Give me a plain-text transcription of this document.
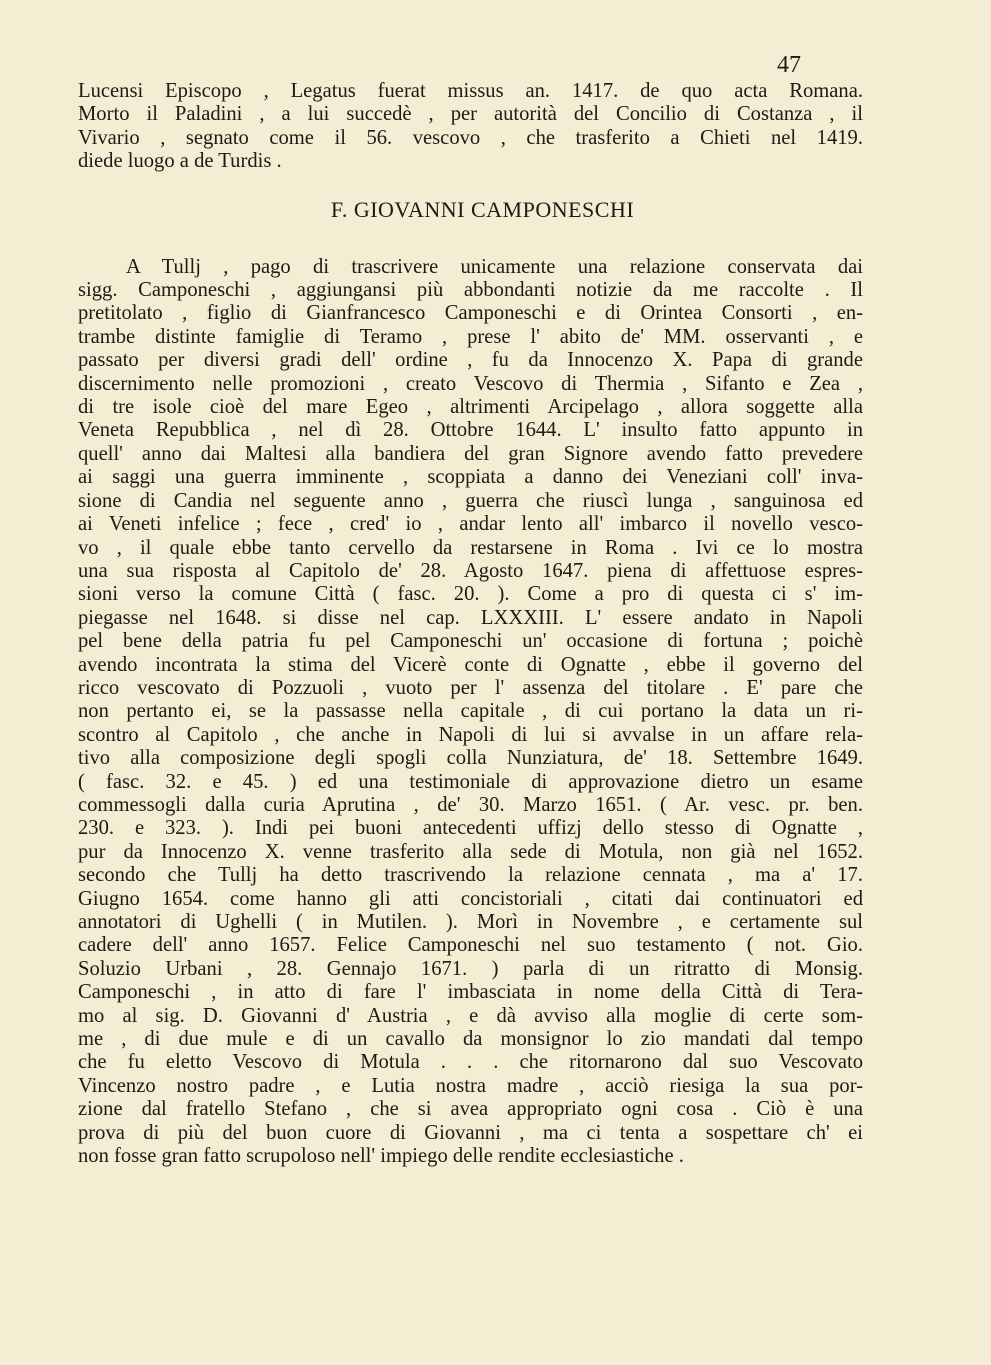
47
Lucensi Episcopo , Legatus fuerat missus an. 1417. de quo acta Romana.
Morto il Paladini , a lui succedè , per autorità del Concilio di Costanza , il
Vivario , segnato come il 56. vescovo , che trasferito a Chieti nel 1419.
diede luogo a de Turdis .
F. GIOVANNI CAMPONESCHI
A Tullj , pago di trascrivere unicamente una relazione conservata dai
sigg. Camponeschi , aggiungansi più abbondanti notizie da me raccolte . Il
pretitolato , figlio di Gianfrancesco Camponeschi e di Orintea Consorti , en-
trambe distinte famiglie di Teramo , prese l' abito de' MM. osservanti , e
passato per diversi gradi dell' ordine , fu da Innocenzo X. Papa di grande
discernimento nelle promozioni , creato Vescovo di Thermia , Sifanto e Zea ,
di tre isole cioè del mare Egeo , altrimenti Arcipelago , allora soggette alla
Veneta Repubblica , nel dì 28. Ottobre 1644. L' insulto fatto appunto in
quell' anno dai Maltesi alla bandiera del gran Signore avendo fatto prevedere
ai saggi una guerra imminente , scoppiata a danno dei Veneziani coll' inva-
sione di Candia nel seguente anno , guerra che riuscì lunga , sanguinosa ed
ai Veneti infelice ; fece , cred' io , andar lento all' imbarco il novello vesco-
vo , il quale ebbe tanto cervello da restarsene in Roma . Ivi ce lo mostra
una sua risposta al Capitolo de' 28. Agosto 1647. piena di affettuose espres-
sioni verso la comune Città ( fasc. 20. ). Come a pro di questa ci s' im-
piegasse nel 1648. si disse nel cap. LXXXIII. L' essere andato in Napoli
pel bene della patria fu pel Camponeschi un' occasione di fortuna ; poichè
avendo incontrata la stima del Vicerè conte di Ognatte , ebbe il governo del
ricco vescovato di Pozzuoli , vuoto per l' assenza del titolare . E' pare che
non pertanto ei, se la passasse nella capitale , di cui portano la data un ri-
scontro al Capitolo , che anche in Napoli di lui si avvalse in un affare rela-
tivo alla composizione degli spogli colla Nunziatura, de' 18. Settembre 1649.
( fasc. 32. e 45. ) ed una testimoniale di approvazione dietro un esame
commessogli dalla curia Aprutina , de' 30. Marzo 1651. ( Ar. vesc. pr. ben.
230. e 323. ). Indi pei buoni antecedenti uffizj dello stesso di Ognatte ,
pur da Innocenzo X. venne trasferito alla sede di Motula, non già nel 1652.
secondo che Tullj ha detto trascrivendo la relazione cennata , ma a' 17.
Giugno 1654. come hanno gli atti concistoriali , citati dai continuatori ed
annotatori di Ughelli ( in Mutilen. ). Morì in Novembre , e certamente sul
cadere dell' anno 1657. Felice Camponeschi nel suo testamento ( not. Gio.
Soluzio Urbani , 28. Gennajo 1671. ) parla di un ritratto di Monsig.
Camponeschi , in atto di fare l' imbasciata in nome della Città di Tera-
mo al sig. D. Giovanni d' Austria , e dà avviso alla moglie di certe som-
me , di due mule e di un cavallo da monsignor lo zio mandati dal tempo
che fu eletto Vescovo di Motula . . . che ritornarono dal suo Vescovato
Vincenzo nostro padre , e Lutia nostra madre , acciò riesiga la sua por-
zione dal fratello Stefano , che si avea appropriato ogni cosa . Ciò è una
prova di più del buon cuore di Giovanni , ma ci tenta a sospettare ch' ei
non fosse gran fatto scrupoloso nell' impiego delle rendite ecclesiastiche .
